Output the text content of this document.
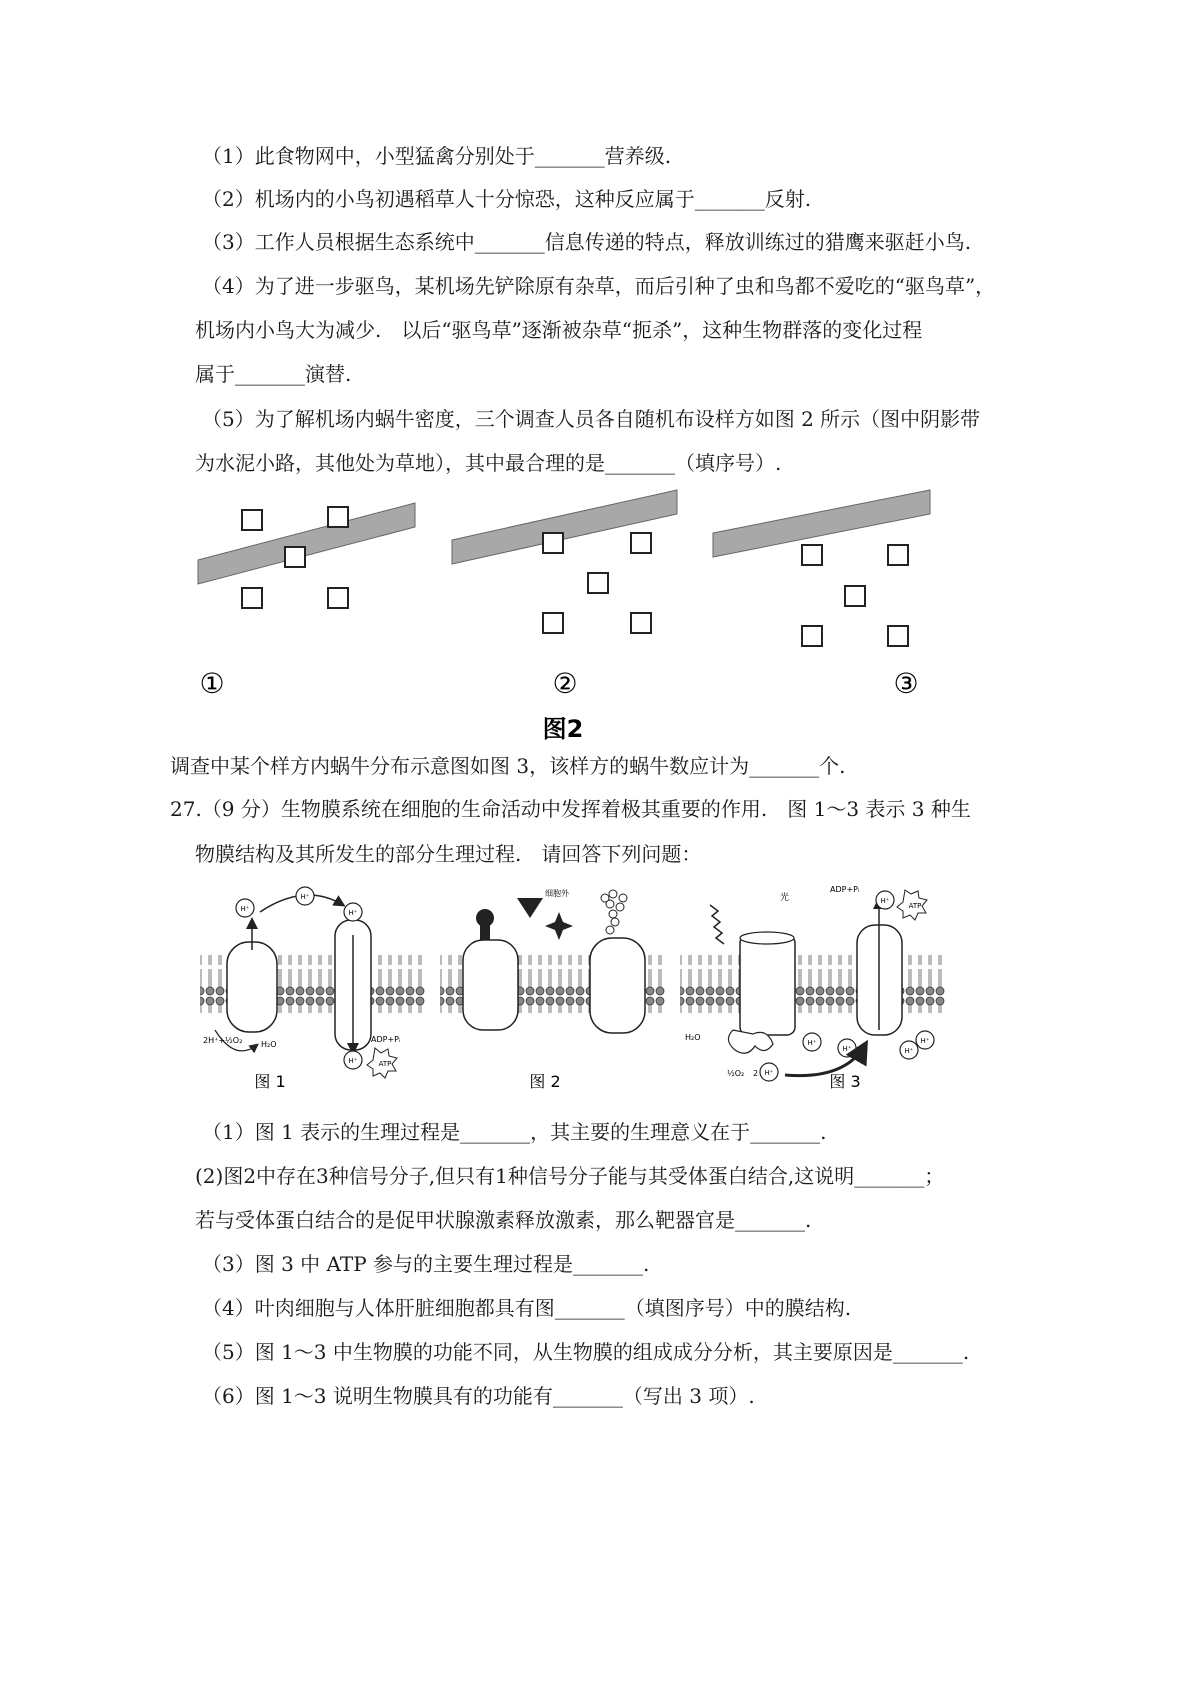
（1）此食物网中，小型猛禽分别处于_______营养级.
（2）机场内的小鸟初遇稻草人十分惊恐，这种反应属于_______反射.
（3）工作人员根据生态系统中_______信息传递的特点，释放训练过的猎鹰来驱赶小鸟.
（4）为了进一步驱鸟，某机场先铲除原有杂草，而后引种了虫和鸟都不爱吃的“驱鸟草”，
机场内小鸟大为减少.　以后“驱鸟草”逐渐被杂草“扼杀”，这种生物群落的变化过程
属于_______演替.
（5）为了解机场内蜗牛密度，三个调查人员各自随机布设样方如图 2 所示（图中阴影带
为水泥小路，其他处为草地），其中最合理的是_______（填序号）.
①	②	③
图2
调查中某个样方内蜗牛分布示意图如图 3，该样方的蜗牛数应计为_______个.
27.（9 分）生物膜系统在细胞的生命活动中发挥着极其重要的作用.　图 1～3 表示 3 种生
物膜结构及其所发生的部分生理过程.　请回答下列问题：
H⁺
H⁺
H⁺
2H⁺+½O₂ H₂O
ADP+Pᵢ
H⁺	ATP
图 1
细胞外
图 2
光	H⁺
ADP+Pᵢ
ATP
H₂O
½O₂ 2 H⁺
H⁺
H⁺	H⁺
H⁺
图 3
（1）图 1 表示的生理过程是_______，其主要的生理意义在于_______.
(2)图2中存在3种信号分子,但只有1种信号分子能与其受体蛋白结合,这说明_______；
若与受体蛋白结合的是促甲状腺激素释放激素，那么靶器官是_______.
（3）图 3 中 ATP 参与的主要生理过程是_______.
（4）叶肉细胞与人体肝脏细胞都具有图_______（填图序号）中的膜结构.
（5）图 1～3 中生物膜的功能不同，从生物膜的组成成分分析，其主要原因是_______.
（6）图 1～3 说明生物膜具有的功能有_______（写出 3 项）.
